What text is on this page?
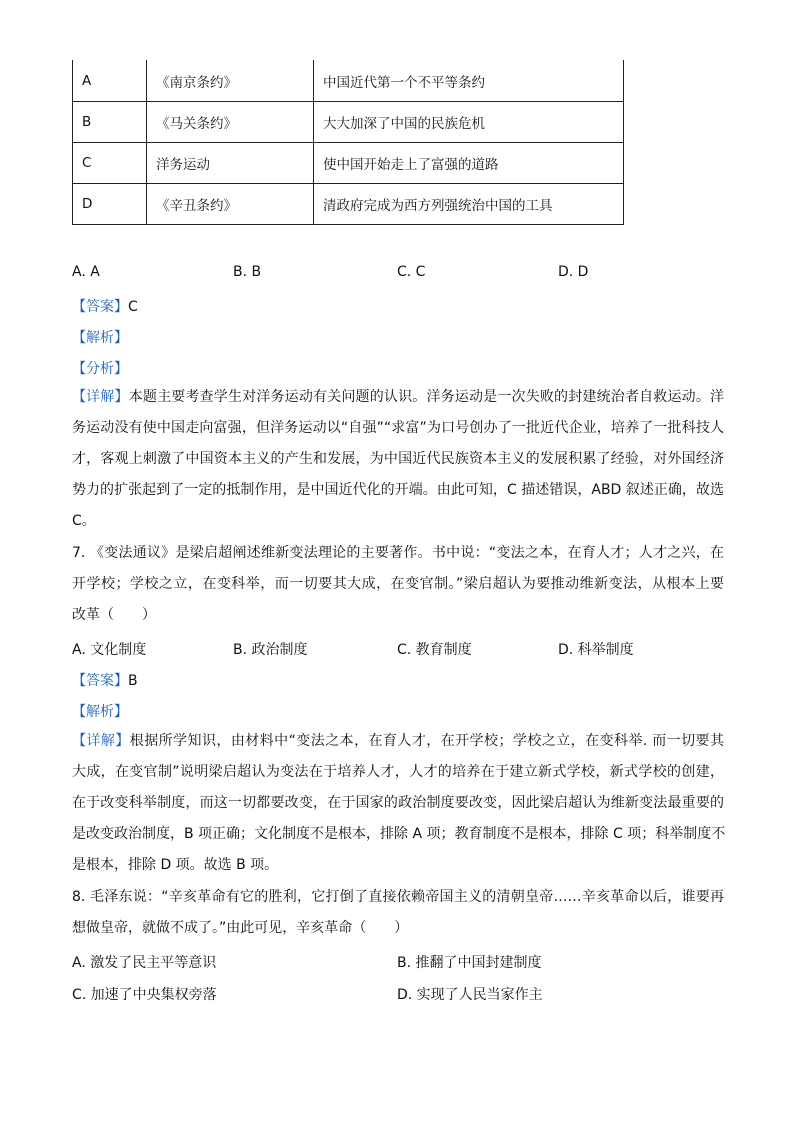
A	《南京条约》	中国近代第一个不平等条约
B	《马关条约》	大大加深了中国的民族危机
C	洋务运动	使中国开始走上了富强的道路
D	《辛丑条约》	清政府完成为西方列强统治中国的工具
A. A	B. B	C. C	D. D
【答案】C
【解析】
【分析】
【详解】本题主要考查学生对洋务运动有关问题的认识。洋务运动是一次失败的封建统治者自救运动。洋
务运动没有使中国走向富强，但洋务运动以“自强”“求富”为口号创办了一批近代企业，培养了一批科技人
才，客观上刺激了中国资本主义的产生和发展，为中国近代民族资本主义的发展积累了经验，对外国经济
势力的扩张起到了一定的抵制作用，是中国近代化的开端。由此可知，C 描述错误，ABD 叙述正确，故选
C。
7. 《变法通议》是梁启超阐述维新变法理论的主要著作。书中说：“变法之本，在育人才；人才之兴，在
开学校；学校之立，在变科举，而一切要其大成，在变官制。”梁启超认为要推动维新变法，从根本上要
改革（　　）
A. 文化制度	B. 政治制度	C. 教育制度	D. 科举制度
【答案】B
【解析】
【详解】根据所学知识，由材料中“变法之本，在育人才，在开学校；学校之立，在变科举. 而一切要其
大成，在变官制”说明梁启超认为变法在于培养人才，人才的培养在于建立新式学校，新式学校的创建，
在于改变科举制度，而这一切都要改变，在于国家的政治制度要改变，因此梁启超认为维新变法最重要的
是改变政治制度，B 项正确；文化制度不是根本，排除 A 项；教育制度不是根本，排除 C 项；科举制度不
是根本，排除 D 项。故选 B 项。
8. 毛泽东说：“辛亥革命有它的胜利，它打倒了直接依赖帝国主义的清朝皇帝……辛亥革命以后，谁要再
想做皇帝，就做不成了。”由此可见，辛亥革命（　　）
A. 激发了民主平等意识	B. 推翻了中国封建制度
C. 加速了中央集权旁落	D. 实现了人民当家作主
